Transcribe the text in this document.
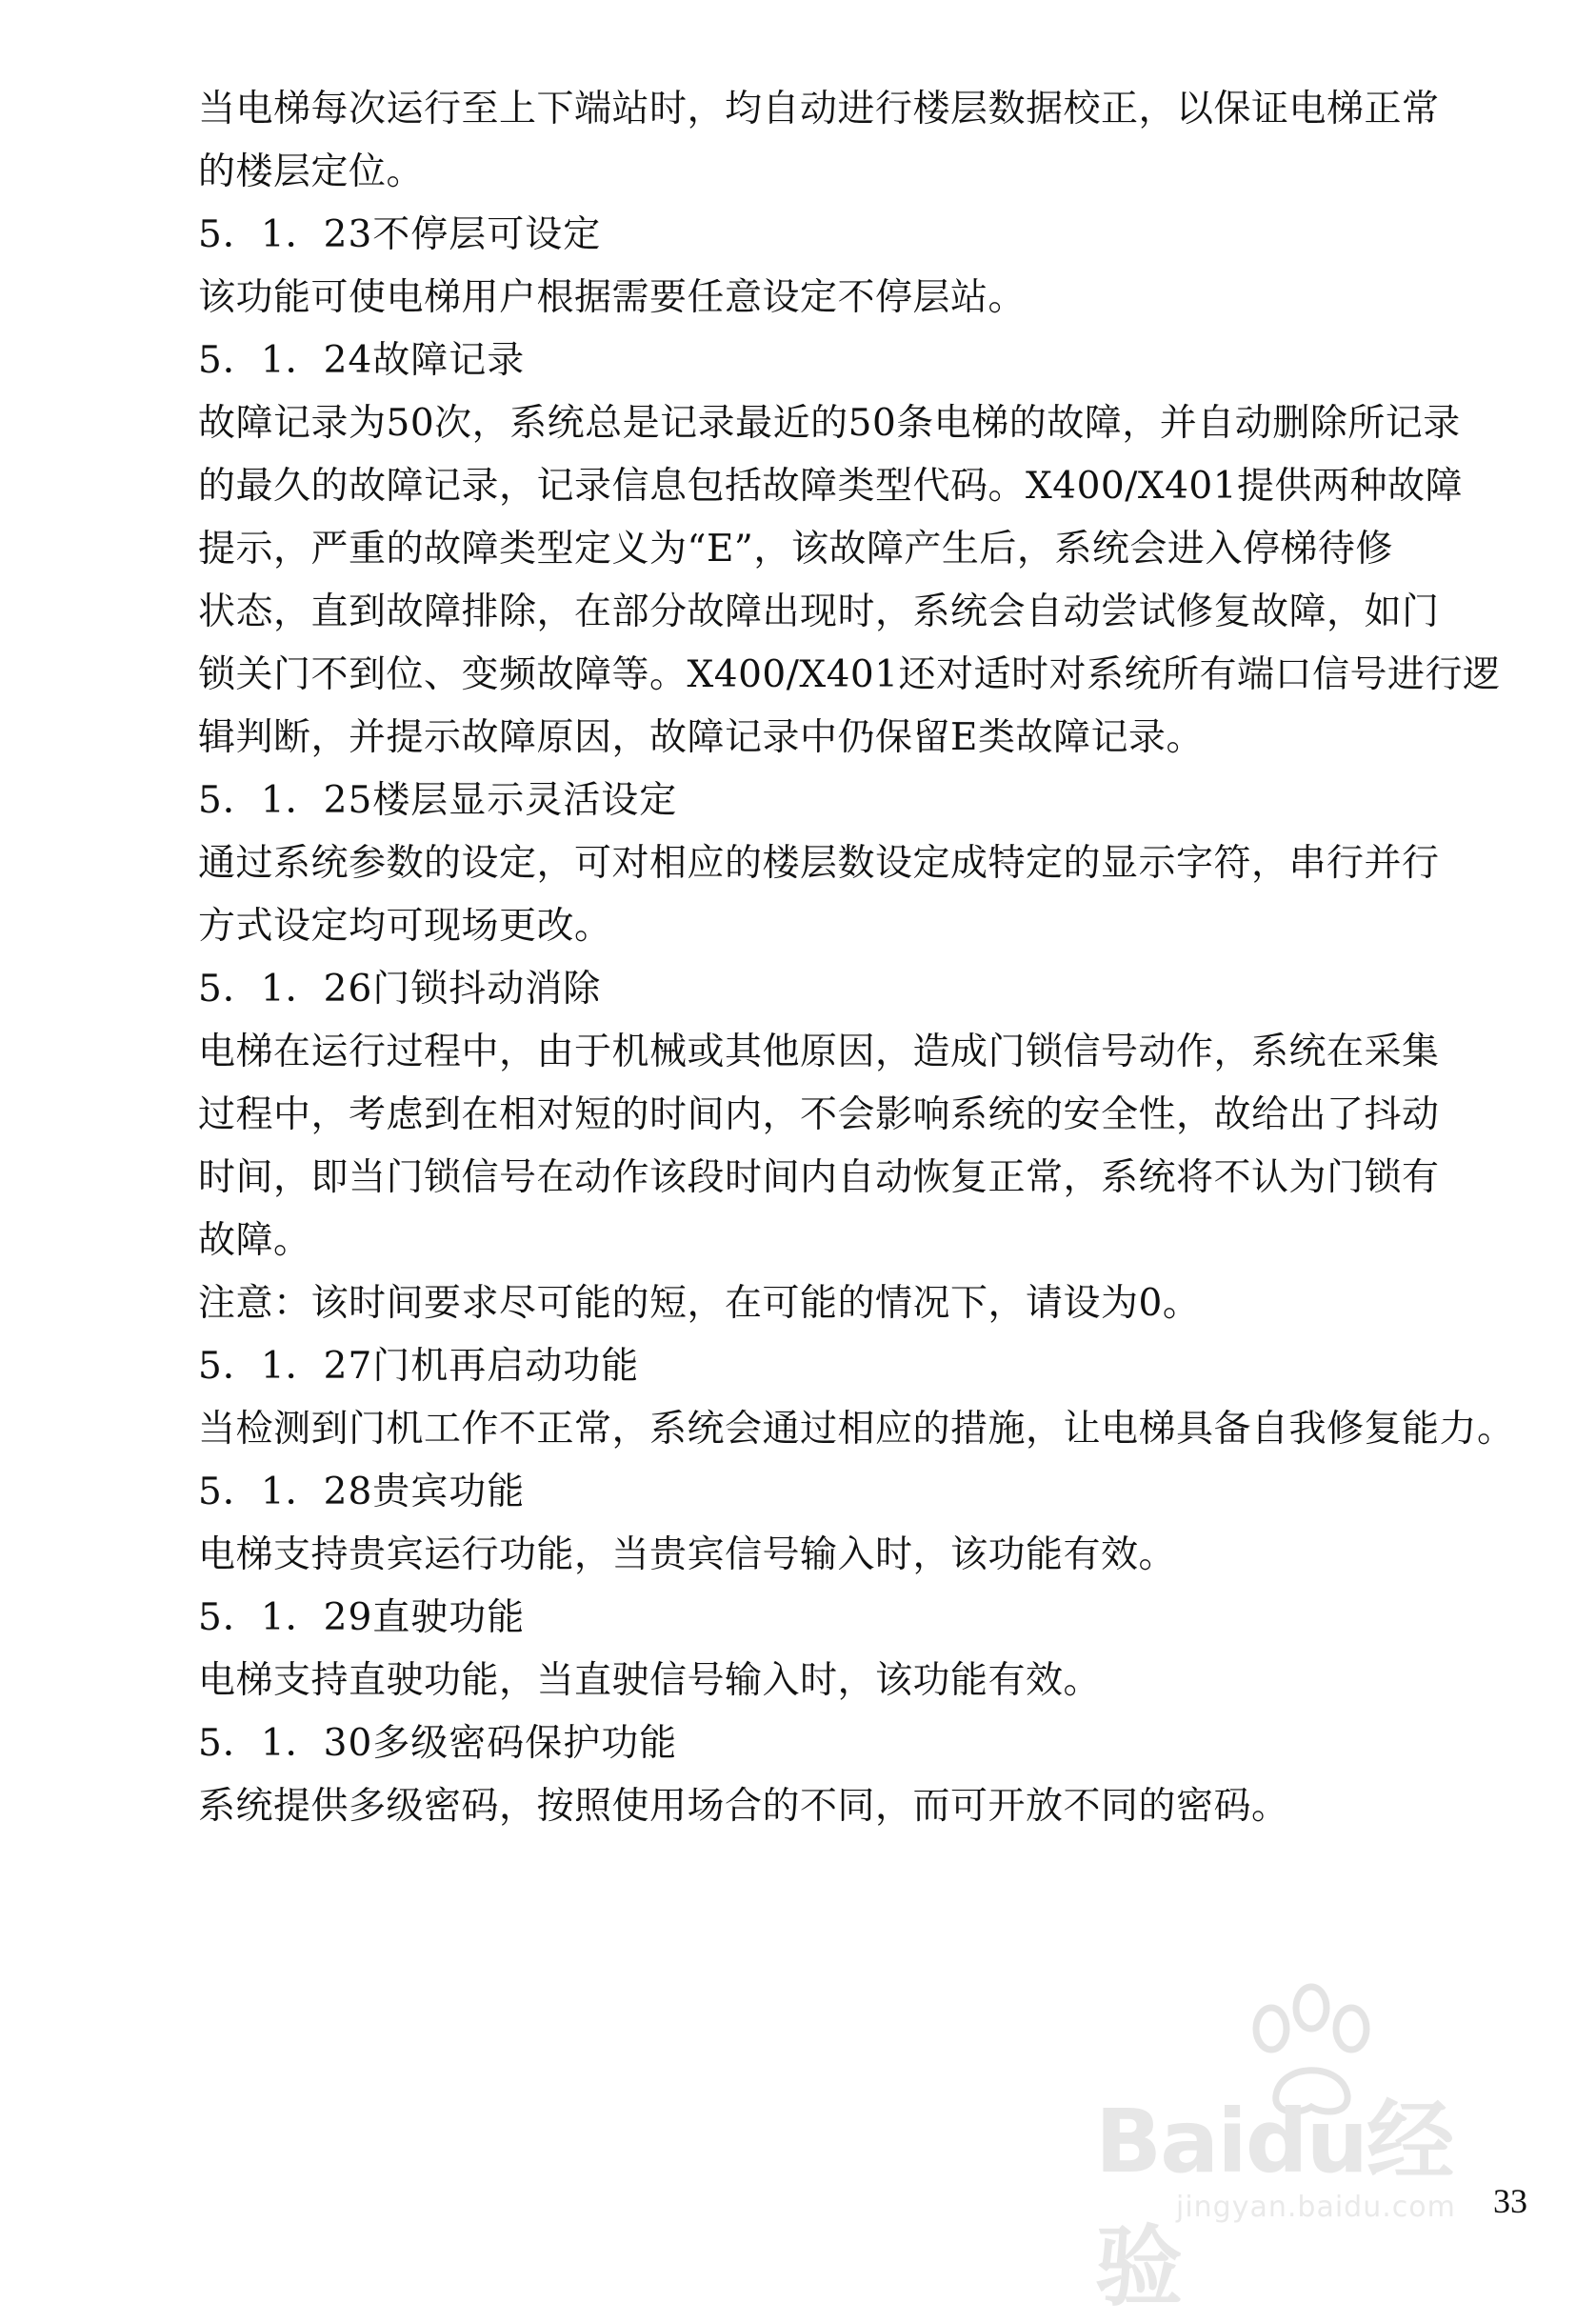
当电梯每次运行至上下端站时，均自动进行楼层数据校正，以保证电梯正常
的楼层定位。
5．1．23不停层可设定
该功能可使电梯用户根据需要任意设定不停层站。
5．1．24故障记录
故障记录为50次，系统总是记录最近的50条电梯的故障，并自动删除所记录
的最久的故障记录，记录信息包括故障类型代码。X400/X401提供两种故障
提示，严重的故障类型定义为“E”，该故障产生后，系统会进入停梯待修
状态，直到故障排除，在部分故障出现时，系统会自动尝试修复故障，如门
锁关门不到位、变频故障等。X400/X401还对适时对系统所有端口信号进行逻
辑判断，并提示故障原因，故障记录中仍保留E类故障记录。
5．1．25楼层显示灵活设定
通过系统参数的设定，可对相应的楼层数设定成特定的显示字符，串行并行
方式设定均可现场更改。
5．1．26门锁抖动消除
电梯在运行过程中，由于机械或其他原因，造成门锁信号动作，系统在采集
过程中，考虑到在相对短的时间内，不会影响系统的安全性，故给出了抖动
时间，即当门锁信号在动作该段时间内自动恢复正常，系统将不认为门锁有
故障。
注意：该时间要求尽可能的短，在可能的情况下，请设为0。
5．1．27门机再启动功能
当检测到门机工作不正常，系统会通过相应的措施，让电梯具备自我修复能力。
5．1．28贵宾功能
电梯支持贵宾运行功能，当贵宾信号输入时，该功能有效。
5．1．29直驶功能
电梯支持直驶功能，当直驶信号输入时，该功能有效。
5．1．30多级密码保护功能
系统提供多级密码，按照使用场合的不同，而可开放不同的密码。
33
Baidu经验
jingyan.baidu.com
